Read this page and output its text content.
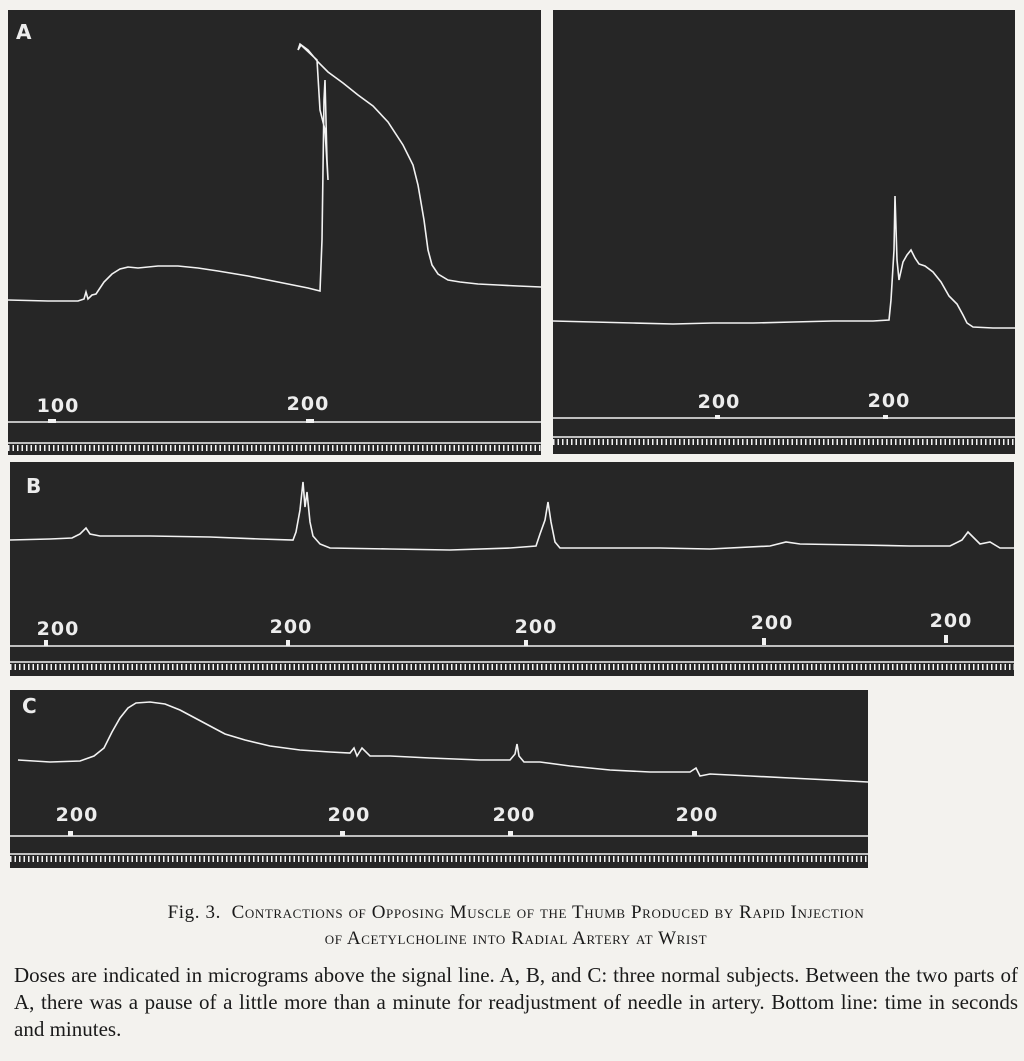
A
100	200	200	200
B
200	200	200	200	200
C
200	200	200	200
Fig. 3. Contractions of Opposing Muscle of the Thumb Produced by Rapid Injection
of Acetylcholine into Radial Artery at Wrist
Doses are indicated in micrograms above the signal line. A, B, and C: three normal subjects. Between the two parts of A, there was a pause of a little more than a minute for readjustment of needle in artery. Bottom line: time in seconds and minutes.
